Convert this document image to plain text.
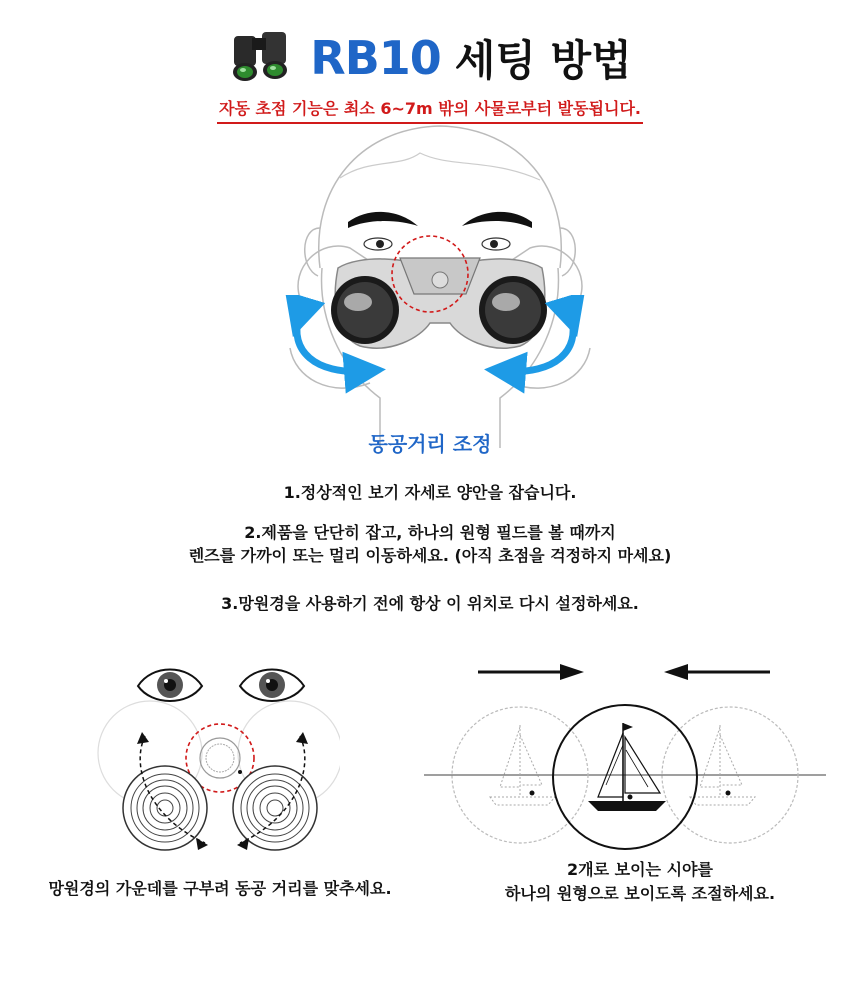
RB10 세팅 방법
자동 초점 기능은 최소 6~7m 밖의 사물로부터 발동됩니다.
동공거리 조정
1.정상적인 보기 자세로 양안을 잡습니다.
2.제품을 단단히 잡고, 하나의 원형 필드를 볼 때까지
렌즈를 가까이 또는 멀리 이동하세요. (아직 초점을 걱정하지 마세요)
3.망원경을 사용하기 전에 항상 이 위치로 다시 설정하세요.
망원경의 가운데를 구부려 동공 거리를 맞추세요.
2개로 보이는 시야를
하나의 원형으로 보이도록 조절하세요.
